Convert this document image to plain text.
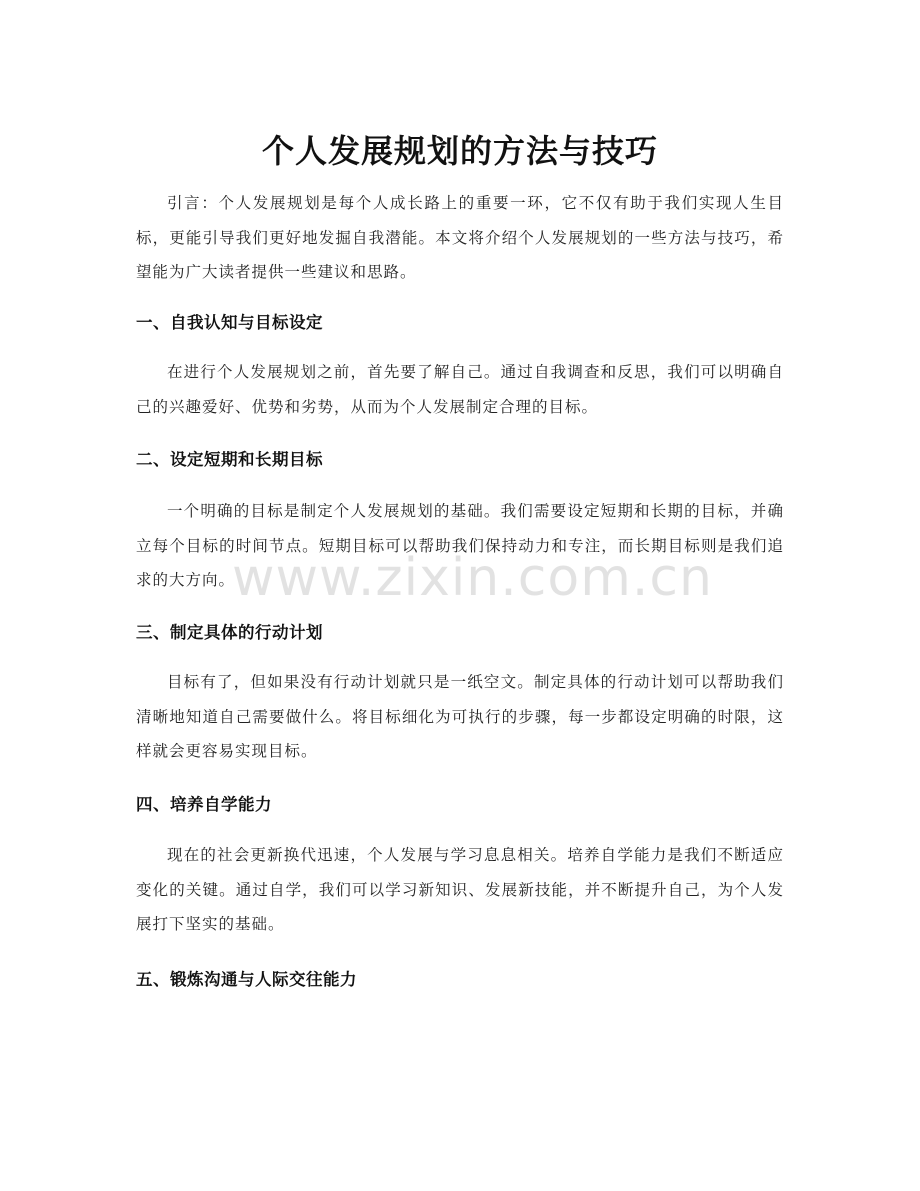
个人发展规划的方法与技巧

引言：个人发展规划是每个人成长路上的重要一环，它不仅有助于我们实现人生目标，更能引导我们更好地发掘自我潜能。本文将介绍个人发展规划的一些方法与技巧，希望能为广大读者提供一些建议和思路。

一、自我认知与目标设定

在进行个人发展规划之前，首先要了解自己。通过自我调查和反思，我们可以明确自己的兴趣爱好、优势和劣势，从而为个人发展制定合理的目标。

二、设定短期和长期目标

一个明确的目标是制定个人发展规划的基础。我们需要设定短期和长期的目标，并确立每个目标的时间节点。短期目标可以帮助我们保持动力和专注，而长期目标则是我们追求的大方向。

三、制定具体的行动计划

目标有了，但如果没有行动计划就只是一纸空文。制定具体的行动计划可以帮助我们清晰地知道自己需要做什么。将目标细化为可执行的步骤，每一步都设定明确的时限，这样就会更容易实现目标。

四、培养自学能力

现在的社会更新换代迅速，个人发展与学习息息相关。培养自学能力是我们不断适应变化的关键。通过自学，我们可以学习新知识、发展新技能，并不断提升自己，为个人发展打下坚实的基础。

五、锻炼沟通与人际交往能力
www.zixin.com.cn
